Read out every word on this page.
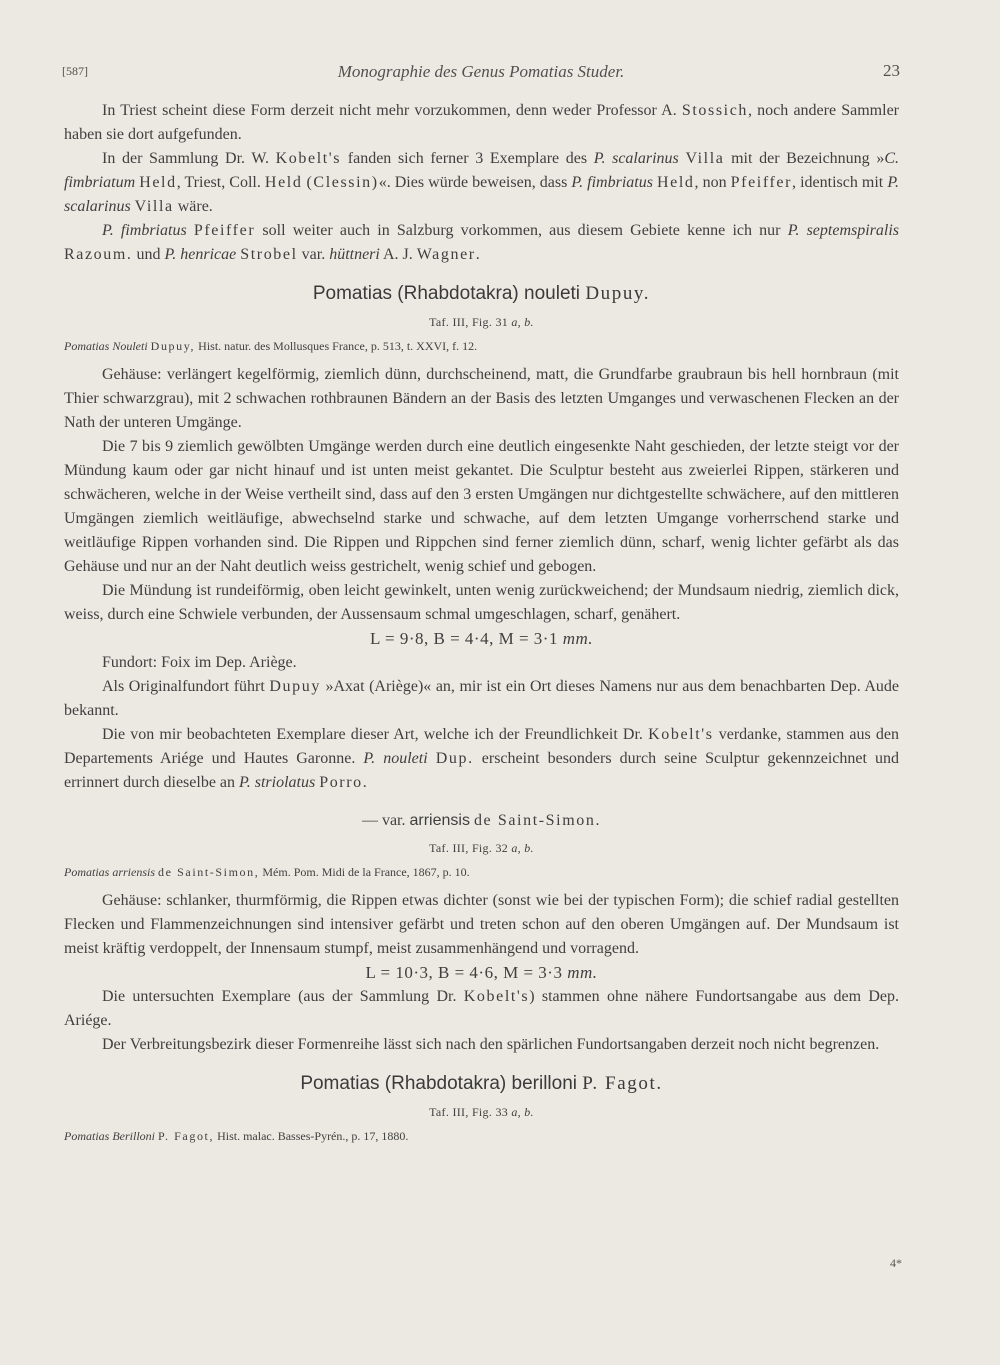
[587]	Monographie des Genus Pomatias Studer.	23

In Triest scheint diese Form derzeit nicht mehr vorzukommen, denn weder Professor A. Stossich, noch andere Sammler haben sie dort aufgefunden.

In der Sammlung Dr. W. Kobelt's fanden sich ferner 3 Exemplare des P. scalarinus Villa mit der Bezeichnung »C. fimbriatum Held, Triest, Coll. Held (Clessin)«. Dies würde beweisen, dass P. fimbriatus Held, non Pfeiffer, identisch mit P. scalarinus Villa wäre.

P. fimbriatus Pfeiffer soll weiter auch in Salzburg vorkommen, aus diesem Gebiete kenne ich nur P. septemspiralis Razoum. und P. henricae Strobel var. hüttneri A. J. Wagner.

Pomatias (Rhabdotakra) nouleti Dupuy.
Taf. III, Fig. 31 a, b.

Pomatias Nouleti Dupuy, Hist. natur. des Mollusques France, p. 513, t. XXVI, f. 12.

Gehäuse: verlängert kegelförmig, ziemlich dünn, durchscheinend, matt, die Grundfarbe graubraun bis hell hornbraun (mit Thier schwarzgrau), mit 2 schwachen rothbraunen Bändern an der Basis des letzten Umganges und verwaschenen Flecken an der Nath der unteren Umgänge.

Die 7 bis 9 ziemlich gewölbten Umgänge werden durch eine deutlich eingesenkte Naht geschieden, der letzte steigt vor der Mündung kaum oder gar nicht hinauf und ist unten meist gekantet. Die Sculptur besteht aus zweierlei Rippen, stärkeren und schwächeren, welche in der Weise vertheilt sind, dass auf den 3 ersten Umgängen nur dichtgestellte schwächere, auf den mittleren Umgängen ziemlich weitläufige, abwechselnd starke und schwache, auf dem letzten Umgange vorherrschend starke und weitläufige Rippen vorhanden sind. Die Rippen und Rippchen sind ferner ziemlich dünn, scharf, wenig lichter gefärbt als das Gehäuse und nur an der Naht deutlich weiss gestrichelt, wenig schief und gebogen.

Die Mündung ist rundeiförmig, oben leicht gewinkelt, unten wenig zurückweichend; der Mundsaum niedrig, ziemlich dick, weiss, durch eine Schwiele verbunden, der Aussensaum schmal umgeschlagen, scharf, genähert.

L = 9·8, B = 4·4, M = 3·1 mm.

Fundort: Foix im Dep. Ariège.

Als Originalfundort führt Dupuy »Axat (Ariège)« an, mir ist ein Ort dieses Namens nur aus dem benachbarten Dep. Aude bekannt.

Die von mir beobachteten Exemplare dieser Art, welche ich der Freundlichkeit Dr. Kobelt's verdanke, stammen aus den Departements Ariége und Hautes Garonne. P. nouleti Dup. erscheint besonders durch seine Sculptur gekennzeichnet und errinnert durch dieselbe an P. striolatus Porro.

— var. arriensis de Saint-Simon.
Taf. III, Fig. 32 a, b.

Pomatias arriensis de Saint-Simon, Mém. Pom. Midi de la France, 1867, p. 10.

Gehäuse: schlanker, thurmförmig, die Rippen etwas dichter (sonst wie bei der typischen Form); die schief radial gestellten Flecken und Flammenzeichnungen sind intensiver gefärbt und treten schon auf den oberen Umgängen auf. Der Mundsaum ist meist kräftig verdoppelt, der Innensaum stumpf, meist zusammenhängend und vorragend.

L = 10·3, B = 4·6, M = 3·3 mm.

Die untersuchten Exemplare (aus der Sammlung Dr. Kobelt's) stammen ohne nähere Fundortsangabe aus dem Dep. Ariége.

Der Verbreitungsbezirk dieser Formenreihe lässt sich nach den spärlichen Fundortsangaben derzeit noch nicht begrenzen.

Pomatias (Rhabdotakra) berilloni P. Fagot.
Taf. III, Fig. 33 a, b.

Pomatias Berilloni P. Fagot, Hist. malac. Basses-Pyrén., p. 17, 1880.

4*
